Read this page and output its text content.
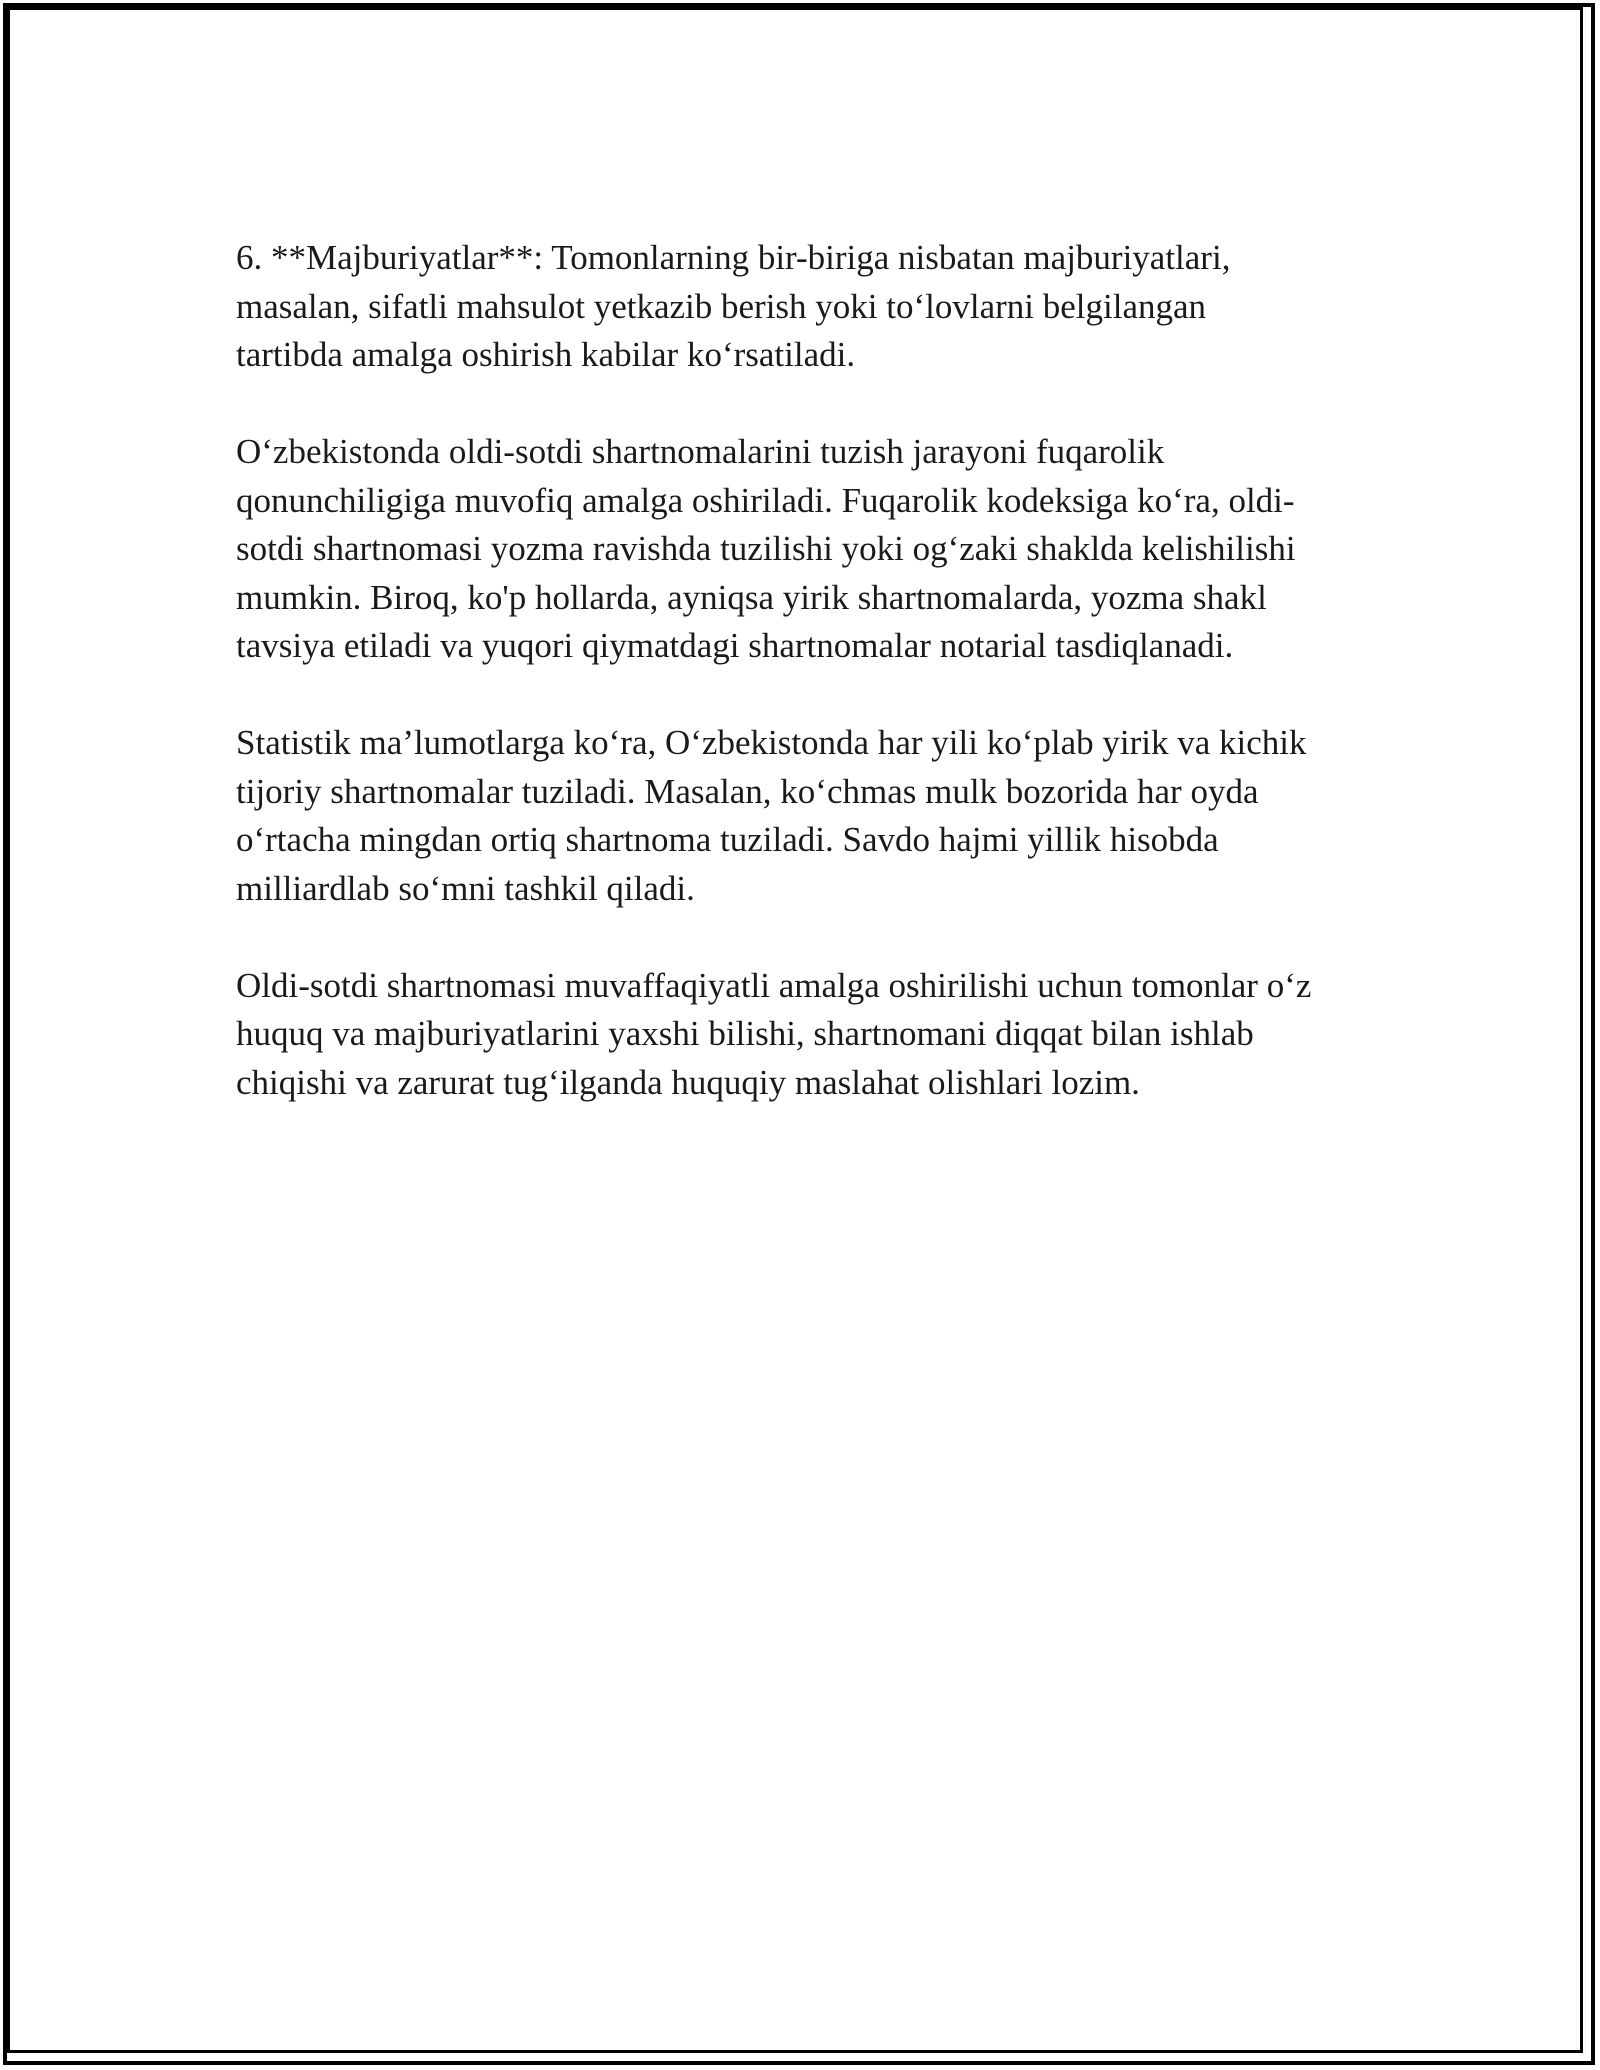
6. **Majburiyatlar**: Tomonlarning bir-biriga nisbatan majburiyatlari,
masalan, sifatli mahsulot yetkazib berish yoki to‘lovlarni belgilangan
tartibda amalga oshirish kabilar ko‘rsatiladi.

O‘zbekistonda oldi-sotdi shartnomalarini tuzish jarayoni fuqarolik
qonunchiligiga muvofiq amalga oshiriladi. Fuqarolik kodeksiga ko‘ra, oldi-
sotdi shartnomasi yozma ravishda tuzilishi yoki og‘zaki shaklda kelishilishi
mumkin. Biroq, ko'p hollarda, ayniqsa yirik shartnomalarda, yozma shakl
tavsiya etiladi va yuqori qiymatdagi shartnomalar notarial tasdiqlanadi.

Statistik ma’lumotlarga ko‘ra, O‘zbekistonda har yili ko‘plab yirik va kichik
tijoriy shartnomalar tuziladi. Masalan, ko‘chmas mulk bozorida har oyda
o‘rtacha mingdan ortiq shartnoma tuziladi. Savdo hajmi yillik hisobda
milliardlab so‘mni tashkil qiladi.

Oldi-sotdi shartnomasi muvaffaqiyatli amalga oshirilishi uchun tomonlar o‘z
huquq va majburiyatlarini yaxshi bilishi, shartnomani diqqat bilan ishlab
chiqishi va zarurat tug‘ilganda huquqiy maslahat olishlari lozim.
